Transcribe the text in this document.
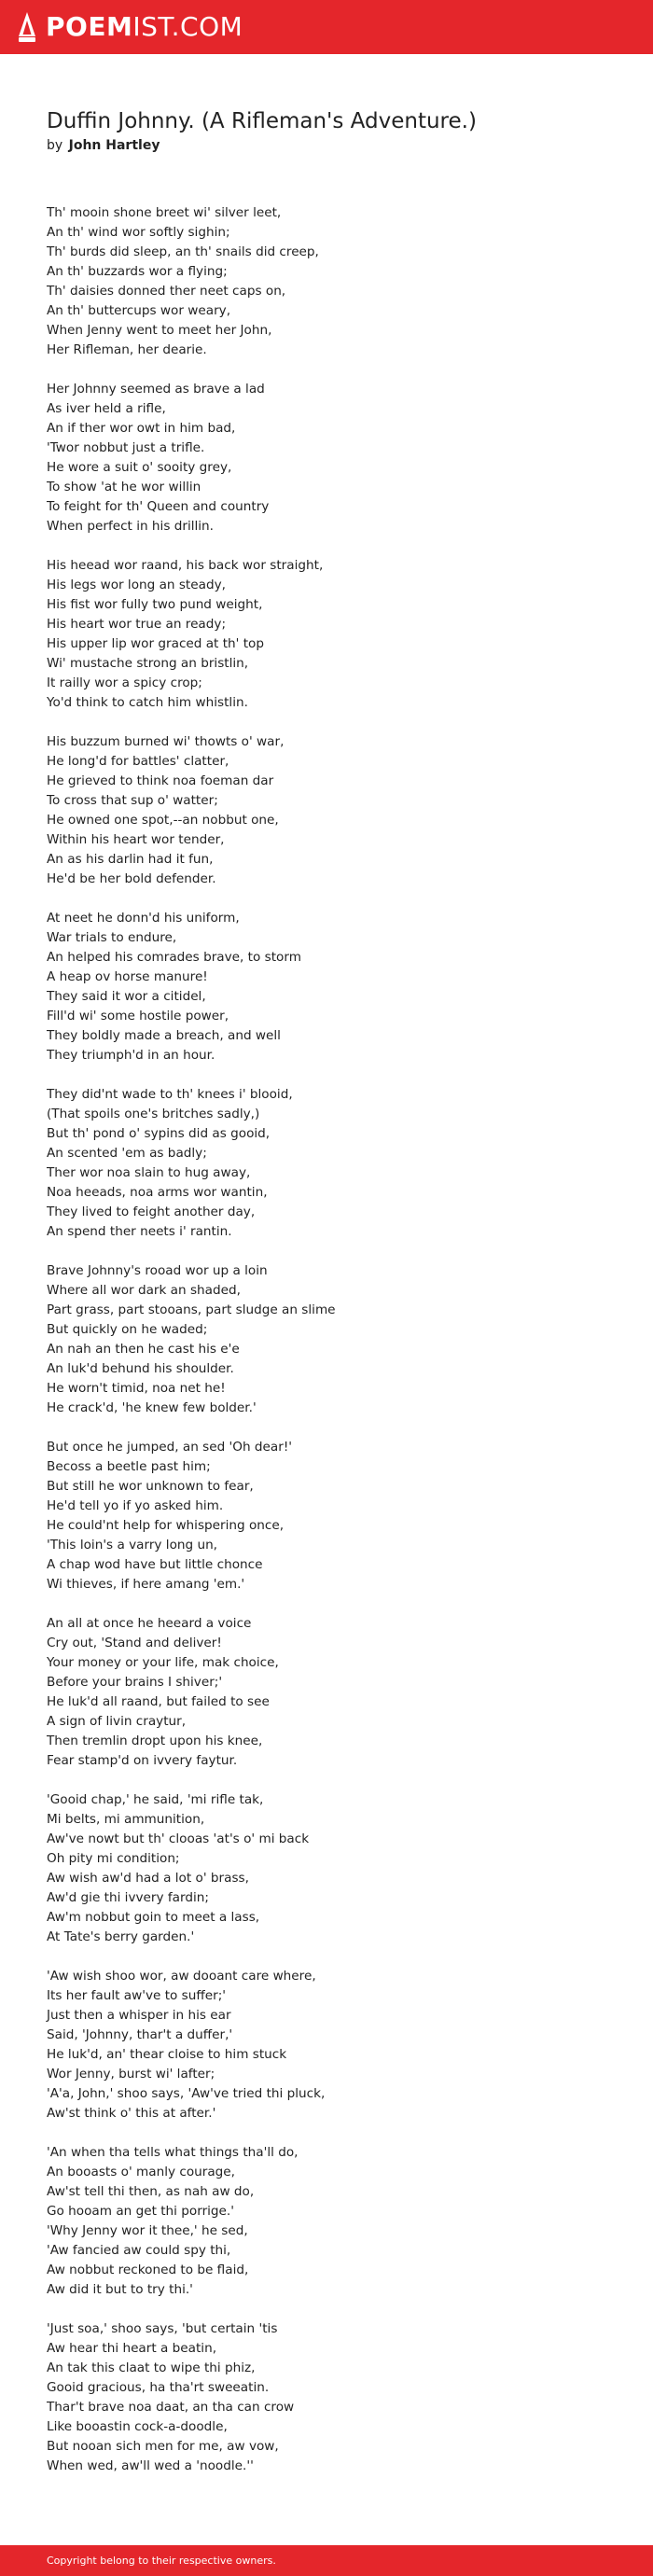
POEMIST.COM
Duffin Johnny. (A Rifleman's Adventure.)
by John Hartley
Th' mooin shone breet wi' silver leet,
An th' wind wor softly sighin;
Th' burds did sleep, an th' snails did creep,
An th' buzzards wor a flying;
Th' daisies donned ther neet caps on,
An th' buttercups wor weary,
When Jenny went to meet her John,
Her Rifleman, her dearie.
Her Johnny seemed as brave a lad
As iver held a rifle,
An if ther wor owt in him bad,
'Twor nobbut just a trifle.
He wore a suit o' sooity grey,
To show 'at he wor willin
To feight for th' Queen and country
When perfect in his drillin.
His heead wor raand, his back wor straight,
His legs wor long an steady,
His fist wor fully two pund weight,
His heart wor true an ready;
His upper lip wor graced at th' top
Wi' mustache strong an bristlin,
It railly wor a spicy crop;
Yo'd think to catch him whistlin.
His buzzum burned wi' thowts o' war,
He long'd for battles' clatter,
He grieved to think noa foeman dar
To cross that sup o' watter;
He owned one spot,--an nobbut one,
Within his heart wor tender,
An as his darlin had it fun,
He'd be her bold defender.
At neet he donn'd his uniform,
War trials to endure,
An helped his comrades brave, to storm
A heap ov horse manure!
They said it wor a citidel,
Fill'd wi' some hostile power,
They boldly made a breach, and well
They triumph'd in an hour.
They did'nt wade to th' knees i' blooid,
(That spoils one's britches sadly,)
But th' pond o' sypins did as gooid,
An scented 'em as badly;
Ther wor noa slain to hug away,
Noa heeads, noa arms wor wantin,
They lived to feight another day,
An spend ther neets i' rantin.
Brave Johnny's rooad wor up a loin
Where all wor dark an shaded,
Part grass, part stooans, part sludge an slime
But quickly on he waded;
An nah an then he cast his e'e
An luk'd behund his shoulder.
He worn't timid, noa net he!
He crack'd, 'he knew few bolder.'
But once he jumped, an sed 'Oh dear!'
Becoss a beetle past him;
But still he wor unknown to fear,
He'd tell yo if yo asked him.
He could'nt help for whispering once,
'This loin's a varry long un,
A chap wod have but little chonce
Wi thieves, if here amang 'em.'
An all at once he heeard a voice
Cry out, 'Stand and deliver!
Your money or your life, mak choice,
Before your brains I shiver;'
He luk'd all raand, but failed to see
A sign of livin craytur,
Then tremlin dropt upon his knee,
Fear stamp'd on ivvery faytur.
'Gooid chap,' he said, 'mi rifle tak,
Mi belts, mi ammunition,
Aw've nowt but th' clooas 'at's o' mi back
Oh pity mi condition;
Aw wish aw'd had a lot o' brass,
Aw'd gie thi ivvery fardin;
Aw'm nobbut goin to meet a lass,
At Tate's berry garden.'
'Aw wish shoo wor, aw dooant care where,
Its her fault aw've to suffer;'
Just then a whisper in his ear
Said, 'Johnny, thar't a duffer,'
He luk'd, an' thear cloise to him stuck
Wor Jenny, burst wi' lafter;
'A'a, John,' shoo says, 'Aw've tried thi pluck,
Aw'st think o' this at after.'
'An when tha tells what things tha'll do,
An booasts o' manly courage,
Aw'st tell thi then, as nah aw do,
Go hooam an get thi porrige.'
'Why Jenny wor it thee,' he sed,
'Aw fancied aw could spy thi,
Aw nobbut reckoned to be flaid,
Aw did it but to try thi.'
'Just soa,' shoo says, 'but certain 'tis
Aw hear thi heart a beatin,
An tak this claat to wipe thi phiz,
Gooid gracious, ha tha'rt sweeatin.
Thar't brave noa daat, an tha can crow
Like booastin cock-a-doodle,
But nooan sich men for me, aw vow,
When wed, aw'll wed a 'noodle.''
Copyright belong to their respective owners.
